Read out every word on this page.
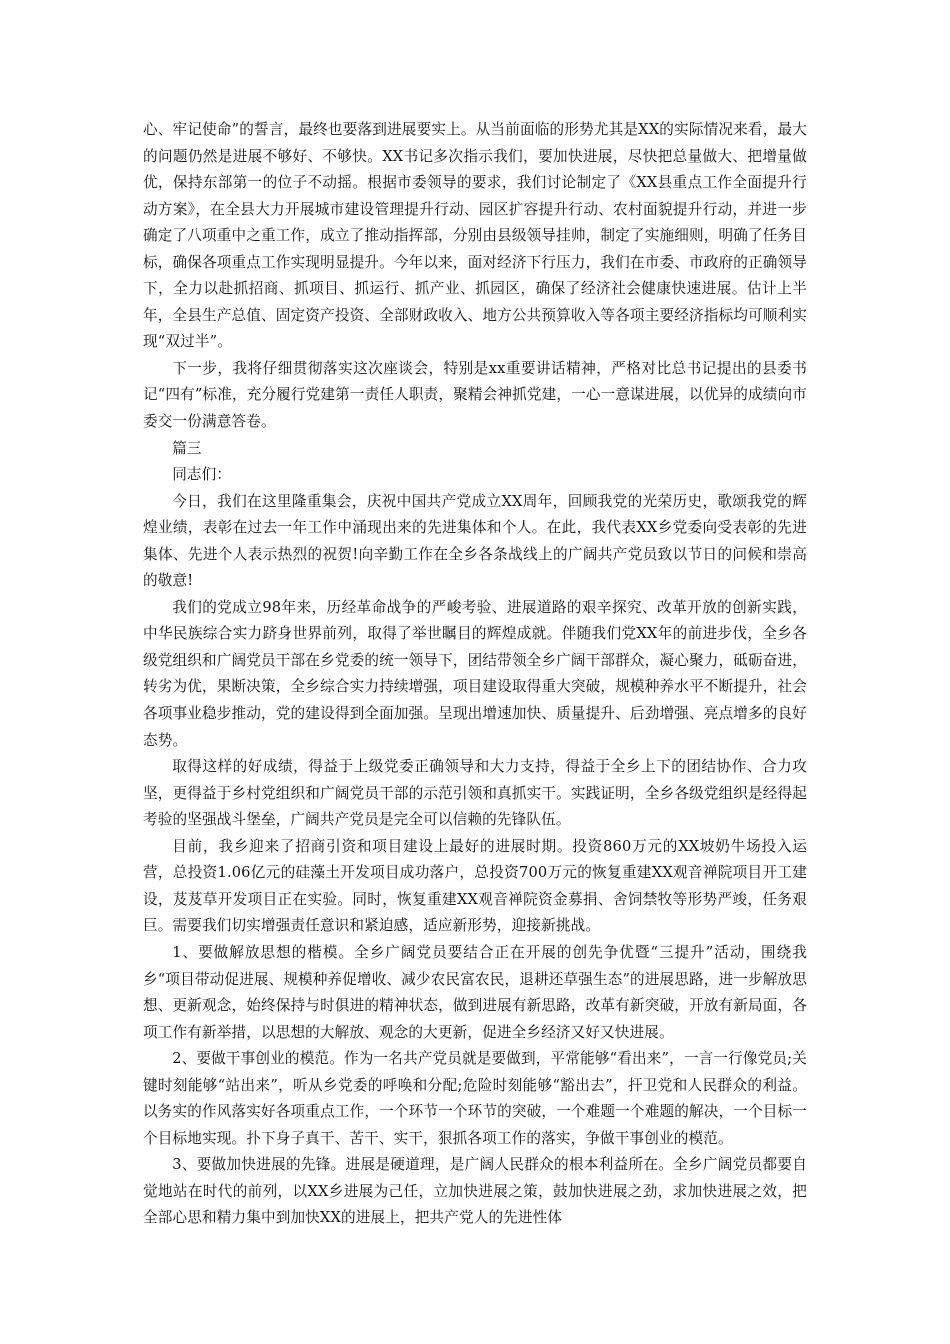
心、牢记使命”的誓言，最终也要落到进展要实上。从当前面临的形势尤其是XX的实际情况来看，最大的问题仍然是进展不够好、不够快。XX书记多次指示我们，要加快进展，尽快把总量做大、把增量做优，保持东部第一的位子不动摇。根据市委领导的要求，我们讨论制定了《XX县重点工作全面提升行动方案》，在全县大力开展城市建设管理提升行动、园区扩容提升行动、农村面貌提升行动，并进一步确定了八项重中之重工作，成立了推动指挥部，分别由县级领导挂帅，制定了实施细则，明确了任务目标，确保各项重点工作实现明显提升。今年以来，面对经济下行压力，我们在市委、市政府的正确领导下，全力以赴抓招商、抓项目、抓运行、抓产业、抓园区，确保了经济社会健康快速进展。估计上半年，全县生产总值、固定资产投资、全部财政收入、地方公共预算收入等各项主要经济指标均可顺利实现“双过半”。

下一步，我将仔细贯彻落实这次座谈会，特别是xx重要讲话精神，严格对比总书记提出的县委书记“四有”标准，充分履行党建第一责任人职责，聚精会神抓党建，一心一意谋进展，以优异的成绩向市委交一份满意答卷。

篇三

同志们：

今日，我们在这里隆重集会，庆祝中国共产党成立XX周年，回顾我党的光荣历史，歌颂我党的辉煌业绩，表彰在过去一年工作中涌现出来的先进集体和个人。在此，我代表XX乡党委向受表彰的先进集体、先进个人表示热烈的祝贺!向辛勤工作在全乡各条战线上的广阔共产党员致以节日的问候和崇高的敬意!

我们的党成立98年来，历经革命战争的严峻考验、进展道路的艰辛探究、改革开放的创新实践，中华民族综合实力跻身世界前列，取得了举世瞩目的辉煌成就。伴随我们党XX年的前进步伐，全乡各级党组织和广阔党员干部在乡党委的统一领导下，团结带领全乡广阔干部群众，凝心聚力，砥砺奋进，转劣为优，果断决策，全乡综合实力持续增强，项目建设取得重大突破，规模种养水平不断提升，社会各项事业稳步推动，党的建设得到全面加强。呈现出增速加快、质量提升、后劲增强、亮点增多的良好态势。

取得这样的好成绩，得益于上级党委正确领导和大力支持，得益于全乡上下的团结协作、合力攻坚，更得益于乡村党组织和广阔党员干部的示范引领和真抓实干。实践证明，全乡各级党组织是经得起考验的坚强战斗堡垒，广阔共产党员是完全可以信赖的先锋队伍。

目前，我乡迎来了招商引资和项目建设上最好的进展时期。投资860万元的XX坡奶牛场投入运营，总投资1.06亿元的硅藻土开发项目成功落户，总投资700万元的恢复重建XX观音禅院项目开工建设，芨芨草开发项目正在实验。同时，恢复重建XX观音禅院资金募捐、舍饲禁牧等形势严竣，任务艰巨。需要我们切实增强责任意识和紧迫感，适应新形势，迎接新挑战。

1、要做解放思想的楷模。全乡广阔党员要结合正在开展的创先争优暨“三提升”活动，围绕我乡“项目带动促进展、规模种养促增收、减少农民富农民，退耕还草强生态”的进展思路，进一步解放思想、更新观念，始终保持与时俱进的精神状态，做到进展有新思路，改革有新突破，开放有新局面，各项工作有新举措，以思想的大解放、观念的大更新，促进全乡经济又好又快进展。

2、要做干事创业的模范。作为一名共产党员就是要做到，平常能够“看出来”，一言一行像党员;关键时刻能够“站出来”，听从乡党委的呼唤和分配;危险时刻能够“豁出去”，扞卫党和人民群众的利益。以务实的作风落实好各项重点工作，一个环节一个环节的突破，一个难题一个难题的解决，一个目标一个目标地实现。扑下身子真干、苦干、实干，狠抓各项工作的落实，争做干事创业的模范。

3、要做加快进展的先锋。进展是硬道理，是广阔人民群众的根本利益所在。全乡广阔党员都要自觉地站在时代的前列，以XX乡进展为己任，立加快进展之策，鼓加快进展之劲，求加快进展之效，把全部心思和精力集中到加快XX的进展上，把共产党人的先进性体
